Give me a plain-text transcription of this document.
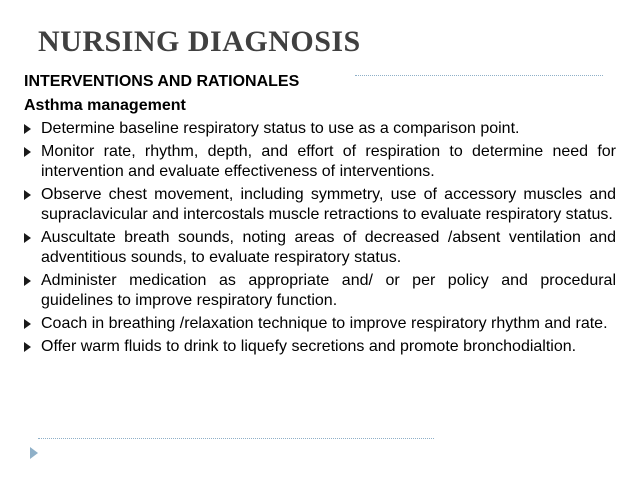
NURSING DIAGNOSIS
INTERVENTIONS AND RATIONALES
Asthma management
Determine baseline respiratory status to use as a comparison point.
Monitor rate, rhythm, depth, and effort of respiration to determine need for intervention and evaluate effectiveness of interventions.
Observe chest movement, including symmetry, use of accessory muscles and supraclavicular and intercostals muscle retractions to evaluate respiratory status.
Auscultate breath sounds, noting areas of decreased /absent ventilation and adventitious sounds, to evaluate respiratory status.
Administer medication as appropriate and/ or per policy and procedural guidelines to improve respiratory function.
Coach in breathing /relaxation technique to improve respiratory rhythm and rate.
Offer warm fluids to drink to liquefy secretions and promote bronchodialtion.
